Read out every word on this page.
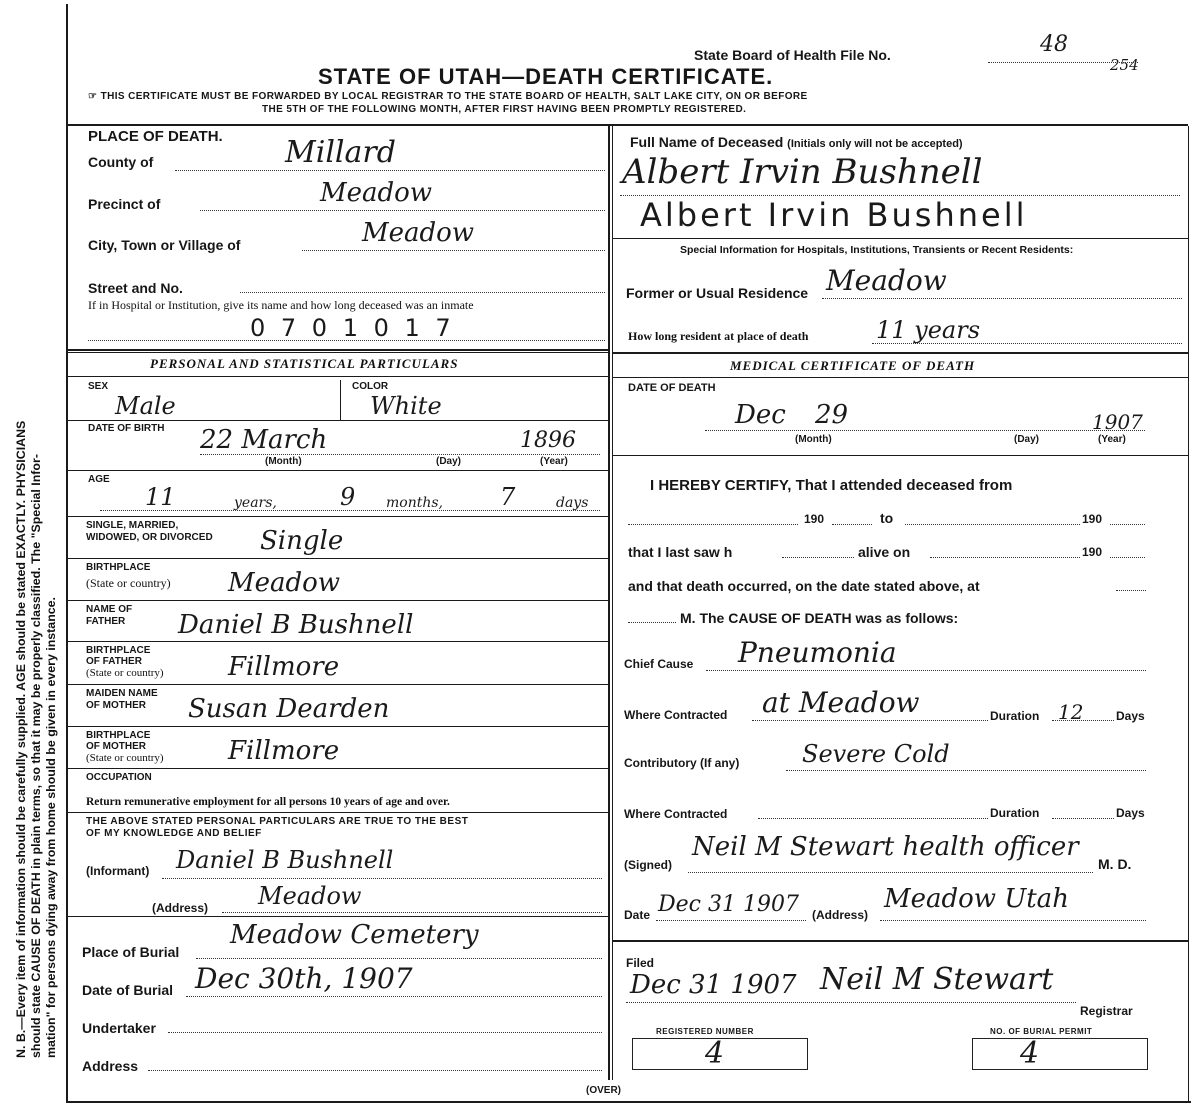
N. B.—Every item of information should be carefully supplied. AGE should be stated EXACTLY. PHYSICIANS should state CAUSE OF DEATH in plain terms, so that it may be properly classified. The "Special Infor- mation" for persons dying away from home should be given in every instance.
State Board of Health File No.	48
254
STATE OF UTAH—DEATH CERTIFICATE.
☞ THIS CERTIFICATE MUST BE FORWARDED BY LOCAL REGISTRAR TO THE STATE BOARD OF HEALTH, SALT LAKE CITY, ON OR BEFORE
THE 5TH OF THE FOLLOWING MONTH, AFTER FIRST HAVING BEEN PROMPTLY REGISTERED.
PLACE OF DEATH.
County of	Millard
Precinct of	Meadow
City, Town or Village of	Meadow
Street and No.
If in Hospital or Institution, give its name and how long deceased was an inmate
0 7 0 1 0 1 7
PERSONAL AND STATISTICAL PARTICULARS
SEX
Male
COLOR
White
DATE OF BIRTH 22 March	1896
(Month)	(Day)	(Year)
AGE
11	years,	9 months, 7	days
SINGLE, MARRIED,
WIDOWED, OR DIVORCED Single
BIRTHPLACE
(State or country) Meadow
NAME OF
FATHER Daniel B Bushnell
BIRTHPLACE
OF FATHER
(State or country) Fillmore
MAIDEN NAME
OF MOTHER Susan Dearden
BIRTHPLACE
OF MOTHER
(State or country) Fillmore
OCCUPATION
Return remunerative employment for all persons 10 years of age and over.
THE ABOVE STATED PERSONAL PARTICULARS ARE TRUE TO THE BEST
OF MY KNOWLEDGE AND BELIEF
(Informant) Daniel B Bushnell
(Address) Meadow
Place of Burial
Meadow Cemetery
Date of Burial Dec 30th, 1907
Undertaker
Address
(OVER)
Full Name of Deceased (Initials only will not be accepted)
Albert Irvin Bushnell
Albert Irvin Bushnell
Special Information for Hospitals, Institutions, Transients or Recent Residents:
Former or Usual Residence Meadow
How long resident at place of death	11 years
MEDICAL CERTIFICATE OF DEATH
DATE OF DEATH
Dec 29	1907
(Month)	(Day)	(Year)
I HEREBY CERTIFY, That I attended deceased from
190	to	190
that I last saw h	alive on	190
and that death occurred, on the date stated above, at
M. The CAUSE OF DEATH was as follows:
Chief Cause Pneumonia
Where Contracted at Meadow	Duration 12	Days
Contributory (If any)	Severe Cold
Where Contracted	Duration	Days
(Signed)
Neil M Stewart health officer
M. D.
Date Dec 31 1907 (Address)
Meadow Utah
Filed
Dec 31 1907 Neil M Stewart
Registrar
REGISTERED NUMBER
4
NO. OF BURIAL PERMIT
4
